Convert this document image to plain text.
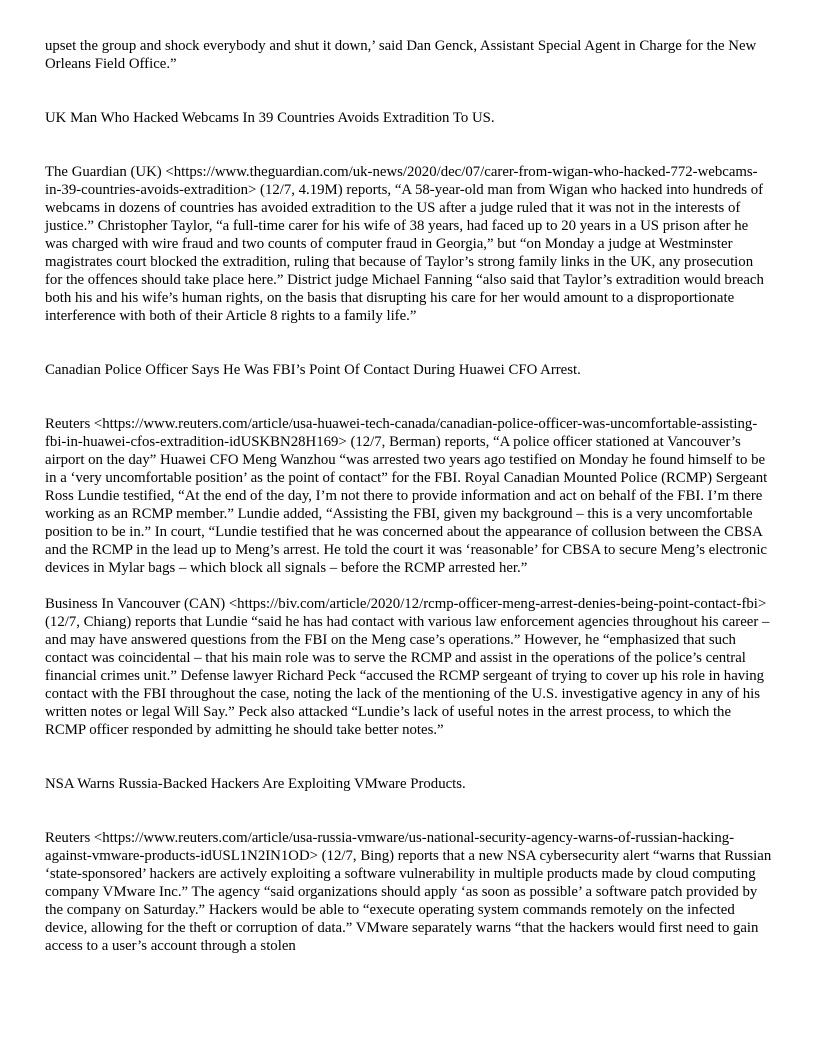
upset the group and shock everybody and shut it down,’ said Dan Genck, Assistant Special Agent in Charge for the New Orleans Field Office.”

UK Man Who Hacked Webcams In 39 Countries Avoids Extradition To US.

The Guardian (UK) <https://www.theguardian.com/uk-news/2020/dec/07/carer-from-wigan-who-hacked-772-webcams-in-39-countries-avoids-extradition> (12/7, 4.19M) reports, “A 58-year-old man from Wigan who hacked into hundreds of webcams in dozens of countries has avoided extradition to the US after a judge ruled that it was not in the interests of justice.” Christopher Taylor, “a full-time carer for his wife of 38 years, had faced up to 20 years in a US prison after he was charged with wire fraud and two counts of computer fraud in Georgia,” but “on Monday a judge at Westminster magistrates court blocked the extradition, ruling that because of Taylor’s strong family links in the UK, any prosecution for the offences should take place here.” District judge Michael Fanning “also said that Taylor’s extradition would breach both his and his wife’s human rights, on the basis that disrupting his care for her would amount to a disproportionate interference with both of their Article 8 rights to a family life.”

Canadian Police Officer Says He Was FBI’s Point Of Contact During Huawei CFO Arrest.

Reuters <https://www.reuters.com/article/usa-huawei-tech-canada/canadian-police-officer-was-uncomfortable-assisting-fbi-in-huawei-cfos-extradition-idUSKBN28H169> (12/7, Berman) reports, “A police officer stationed at Vancouver’s airport on the day” Huawei CFO Meng Wanzhou “was arrested two years ago testified on Monday he found himself to be in a ‘very uncomfortable position’ as the point of contact” for the FBI. Royal Canadian Mounted Police (RCMP) Sergeant Ross Lundie testified, “At the end of the day, I’m not there to provide information and act on behalf of the FBI. I’m there working as an RCMP member.” Lundie added, “Assisting the FBI, given my background – this is a very uncomfortable position to be in.” In court, “Lundie testified that he was concerned about the appearance of collusion between the CBSA and the RCMP in the lead up to Meng’s arrest. He told the court it was ‘reasonable’ for CBSA to secure Meng’s electronic devices in Mylar bags – which block all signals – before the RCMP arrested her.”

Business In Vancouver (CAN) <https://biv.com/article/2020/12/rcmp-officer-meng-arrest-denies-being-point-contact-fbi> (12/7, Chiang) reports that Lundie “said he has had contact with various law enforcement agencies throughout his career – and may have answered questions from the FBI on the Meng case’s operations.” However, he “emphasized that such contact was coincidental – that his main role was to serve the RCMP and assist in the operations of the police’s central financial crimes unit.” Defense lawyer Richard Peck “accused the RCMP sergeant of trying to cover up his role in having contact with the FBI throughout the case, noting the lack of the mentioning of the U.S. investigative agency in any of his written notes or legal Will Say.” Peck also attacked “Lundie’s lack of useful notes in the arrest process, to which the RCMP officer responded by admitting he should take better notes.”

NSA Warns Russia-Backed Hackers Are Exploiting VMware Products.

Reuters <https://www.reuters.com/article/usa-russia-vmware/us-national-security-agency-warns-of-russian-hacking-against-vmware-products-idUSL1N2IN1OD> (12/7, Bing) reports that a new NSA cybersecurity alert “warns that Russian ‘state-sponsored’ hackers are actively exploiting a software vulnerability in multiple products made by cloud computing company VMware Inc.” The agency “said organizations should apply ‘as soon as possible’ a software patch provided by the company on Saturday.” Hackers would be able to “execute operating system commands remotely on the infected device, allowing for the theft or corruption of data.” VMware separately warns “that the hackers would first need to gain access to a user’s account through a stolen
